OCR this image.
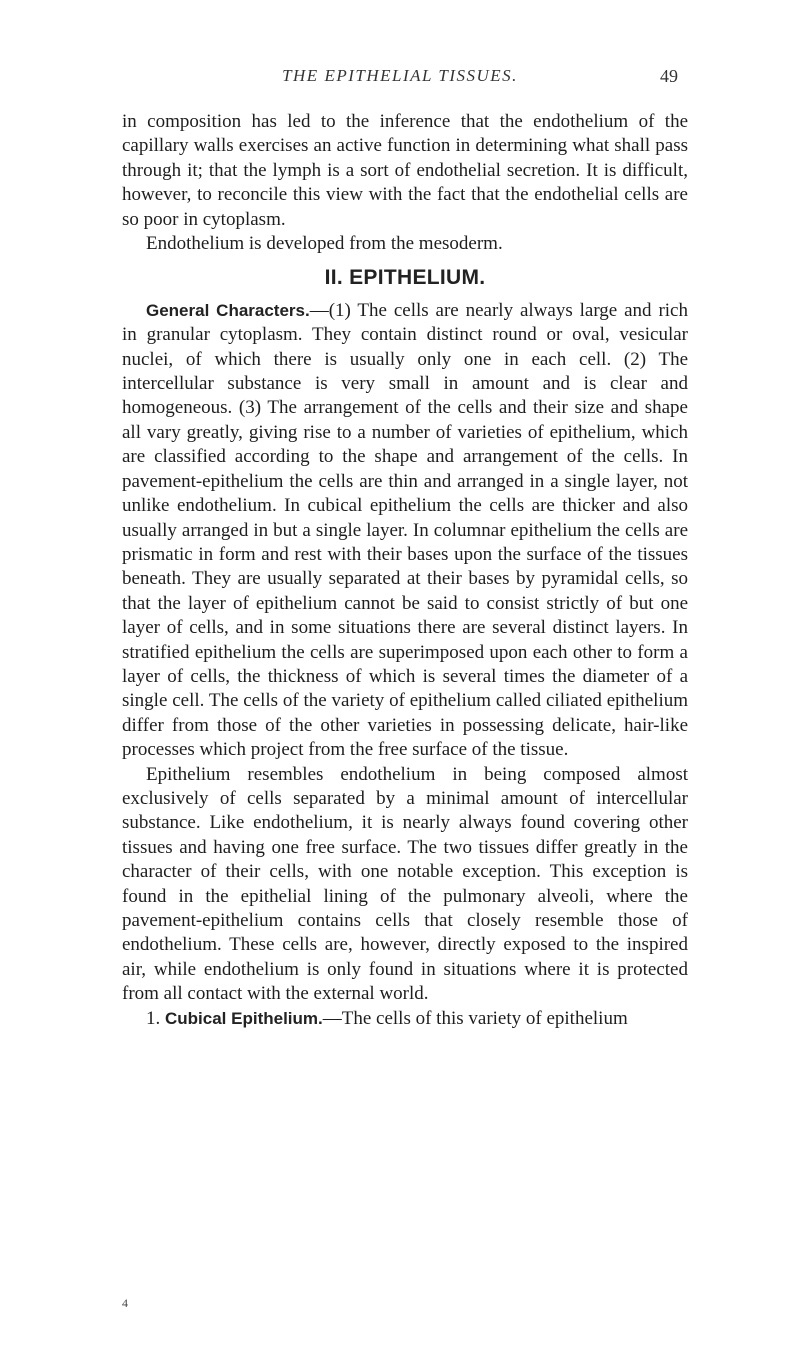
THE EPITHELIAL TISSUES.	49

in composition has led to the inference that the endothelium of the capillary walls exercises an active function in determining what shall pass through it; that the lymph is a sort of endothelial secretion. It is difficult, however, to reconcile this view with the fact that the endothelial cells are so poor in cytoplasm.

Endothelium is developed from the mesoderm.

II. EPITHELIUM.

General Characters.—(1) The cells are nearly always large and rich in granular cytoplasm. They contain distinct round or oval, vesicular nuclei, of which there is usually only one in each cell. (2) The intercellular substance is very small in amount and is clear and homogeneous. (3) The arrangement of the cells and their size and shape all vary greatly, giving rise to a number of varieties of epithelium, which are classified according to the shape and arrangement of the cells. In pavement-epithelium the cells are thin and arranged in a single layer, not unlike endothelium. In cubical epithelium the cells are thicker and also usually arranged in but a single layer. In columnar epithelium the cells are prismatic in form and rest with their bases upon the surface of the tissues beneath. They are usually separated at their bases by pyramidal cells, so that the layer of epithelium cannot be said to consist strictly of but one layer of cells, and in some situations there are several distinct layers. In stratified epithelium the cells are superimposed upon each other to form a layer of cells, the thickness of which is several times the diameter of a single cell. The cells of the variety of epithelium called ciliated epithelium differ from those of the other varieties in possessing delicate, hair-like processes which project from the free surface of the tissue.

Epithelium resembles endothelium in being composed almost exclusively of cells separated by a minimal amount of intercellular substance. Like endothelium, it is nearly always found covering other tissues and having one free surface. The two tissues differ greatly in the character of their cells, with one notable exception. This exception is found in the epithelial lining of the pulmonary alveoli, where the pavement-epithelium contains cells that closely resemble those of endothelium. These cells are, however, directly exposed to the inspired air, while endothelium is only found in situations where it is protected from all contact with the external world.

1. Cubical Epithelium.—The cells of this variety of epithelium

4
